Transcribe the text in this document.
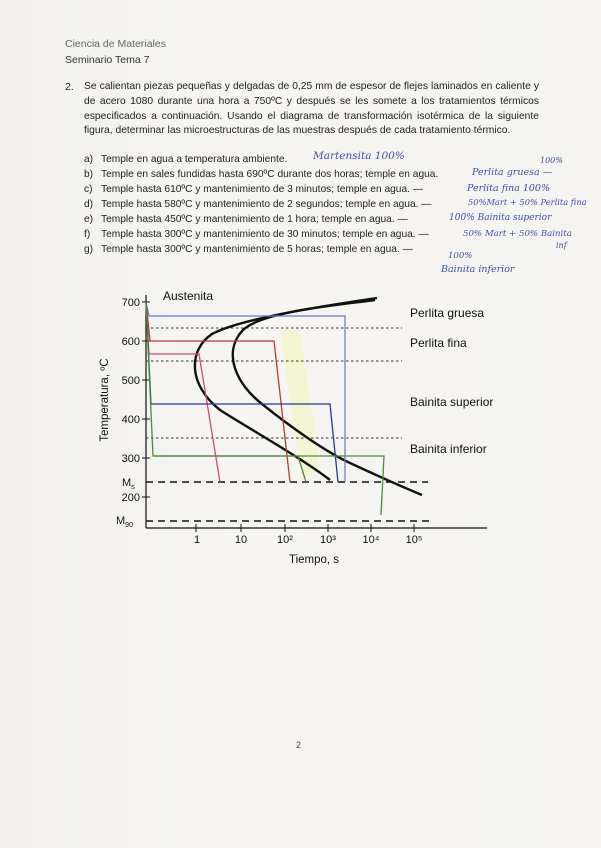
Ciencia de Materiales
Seminario Tema 7
2. Se calientan piezas pequeñas y delgadas de 0,25 mm de espesor de flejes laminados en caliente y de acero 1080 durante una hora a 750ºC y después se les somete a los tratamientos térmicos especificados a continuación. Usando el diagrama de transformación isotérmica de la siguiente figura, determinar las microestructuras de las muestras después de cada tratamiento térmico.
a) Temple en agua a temperatura ambiente.
b) Temple en sales fundidas hasta 690ºC durante dos horas; temple en agua.
c) Temple hasta 610ºC y mantenimiento de 3 minutos; temple en agua. —
d) Temple hasta 580ºC y mantenimiento de 2 segundos; temple en agua. —
e) Temple hasta 450ºC y mantenimiento de 1 hora; temple en agua. —
f) Temple hasta 300ºC y mantenimiento de 30 minutos; temple en agua. —
g) Temple hasta 300ºC y mantenimiento de 5 horas; temple en agua. —
Martensita 100%
Perlita gruesa —
100%
Perlita fina 100%
50%Mart + 50% Perlita fina
100% Bainita superior
50% Mart + 50% Bainita
inf
100%
Bainita inferior
700
600
500
400
300
200
Temperatura, ºC
1	10	10² 10³ 10⁴ 10⁵
Tiempo, s
$M_s$
$M_{90}$
Austenita
Perlita gruesa
Perlita fina
Bainita superior
Bainita inferior
2
